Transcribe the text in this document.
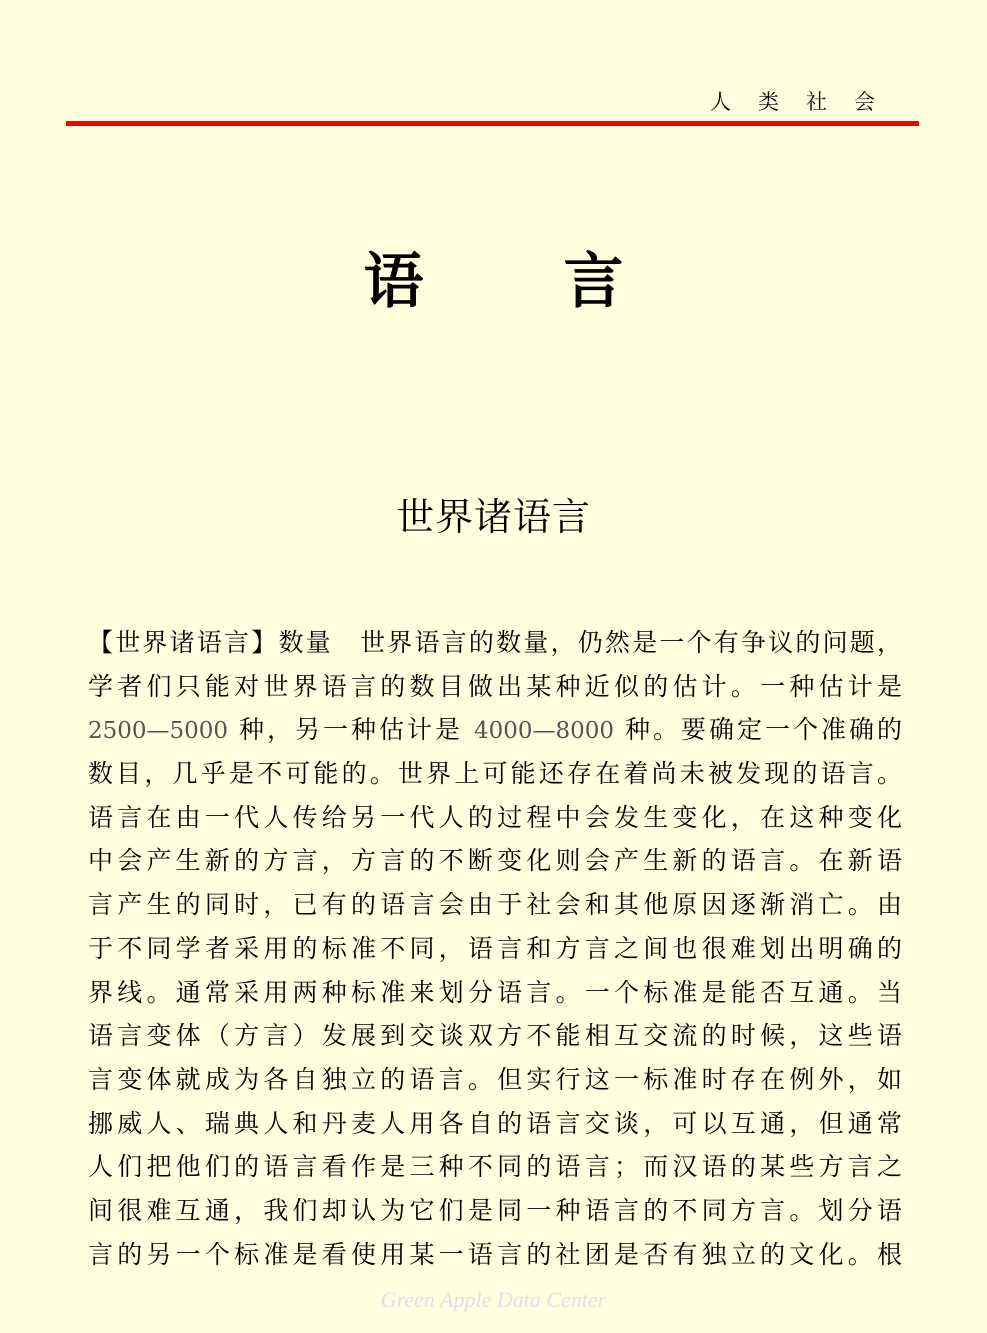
人类社会
语 言
世界诸语言
【世界诸语言】数量　世界语言的数量，仍然是一个有争议的问题，
学者们只能对世界语言的数目做出某种近似的估计。一种估计是
2500—5000 种，另一种估计是 4000—8000 种。要确定一个准确的
数目，几乎是不可能的。世界上可能还存在着尚未被发现的语言。
语言在由一代人传给另一代人的过程中会发生变化，在这种变化
中会产生新的方言，方言的不断变化则会产生新的语言。在新语
言产生的同时，已有的语言会由于社会和其他原因逐渐消亡。由
于不同学者采用的标准不同，语言和方言之间也很难划出明确的
界线。通常采用两种标准来划分语言。一个标准是能否互通。当
语言变体（方言）发展到交谈双方不能相互交流的时候，这些语
言变体就成为各自独立的语言。但实行这一标准时存在例外，如
挪威人、瑞典人和丹麦人用各自的语言交谈，可以互通，但通常
人们把他们的语言看作是三种不同的语言；而汉语的某些方言之
间很难互通，我们却认为它们是同一种语言的不同方言。划分语
言的另一个标准是看使用某一语言的社团是否有独立的文化。根
Green Apple Data Center
